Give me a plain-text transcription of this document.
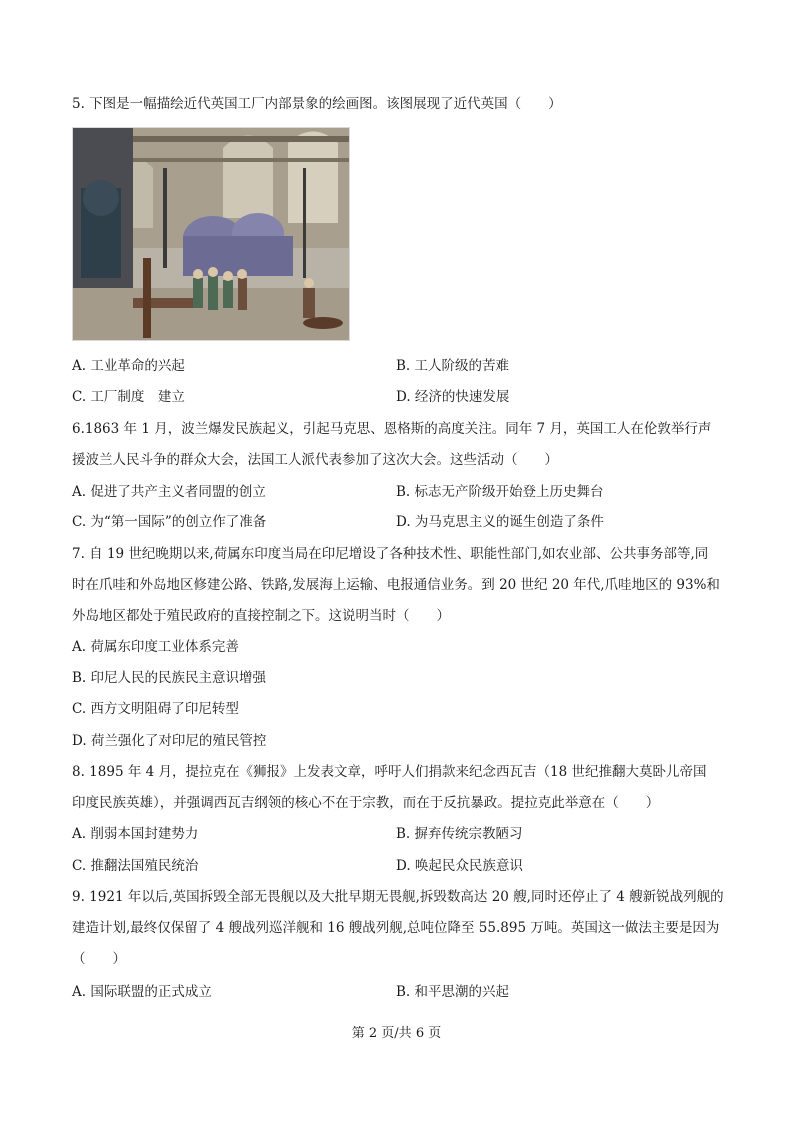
5. 下图是一幅描绘近代英国工厂内部景象的绘画图。该图展现了近代英国（　　）
A. 工业革命的兴起	B. 工人阶级的苦难
C. 工厂制度　建立	D. 经济的快速发展
6.1863 年 1 月，波兰爆发民族起义，引起马克思、恩格斯的高度关注。同年 7 月，英国工人在伦敦举行声
援波兰人民斗争的群众大会，法国工人派代表参加了这次大会。这些活动（　　）
A. 促进了共产主义者同盟的创立	B. 标志无产阶级开始登上历史舞台
C. 为“第一国际”的创立作了准备	D. 为马克思主义的诞生创造了条件
7. 自 19 世纪晚期以来,荷属东印度当局在印尼增设了各种技术性、职能性部门,如农业部、公共事务部等,同
时在爪哇和外岛地区修建公路、铁路,发展海上运输、电报通信业务。到 20 世纪 20 年代,爪哇地区的 93%和
外岛地区都处于殖民政府的直接控制之下。这说明当时（　　）
A. 荷属东印度工业体系完善
B. 印尼人民的民族民主意识增强
C. 西方文明阻碍了印尼转型
D. 荷兰强化了对印尼的殖民管控
8. 1895 年 4 月，提拉克在《狮报》上发表文章，呼吁人们捐款来纪念西瓦吉（18 世纪推翻大莫卧儿帝国
印度民族英雄），并强调西瓦吉纲领的核心不在于宗教，而在于反抗暴政。提拉克此举意在（　　）
A. 削弱本国封建势力	B. 摒弃传统宗教陋习
C. 推翻法国殖民统治	D. 唤起民众民族意识
9. 1921 年以后,英国拆毁全部无畏舰以及大批早期无畏舰,拆毁数高达 20 艘,同时还停止了 4 艘新锐战列舰的
建造计划,最终仅保留了 4 艘战列巡洋舰和 16 艘战列舰,总吨位降至 55.895 万吨。英国这一做法主要是因为
（　　）
A. 国际联盟的正式成立	B. 和平思潮的兴起
第 2 页/共 6 页
